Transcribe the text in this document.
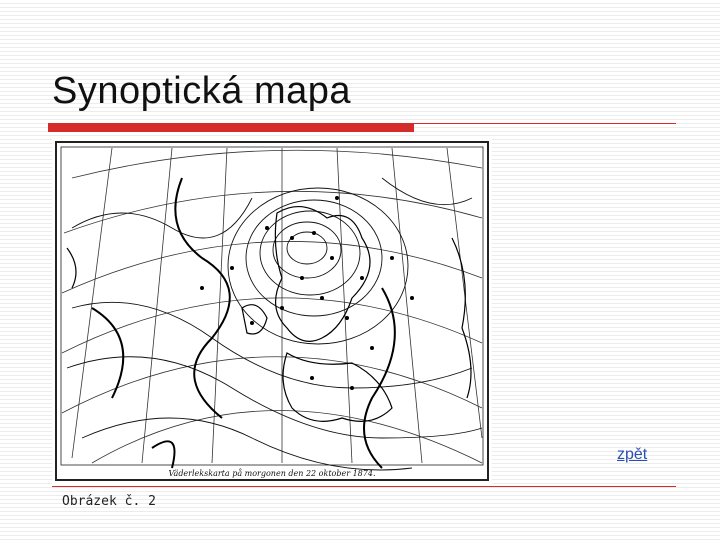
Synoptická mapa
Väderlekskarta på morgonen den 22 oktober 1874.
zpět
Obrázek č. 2
